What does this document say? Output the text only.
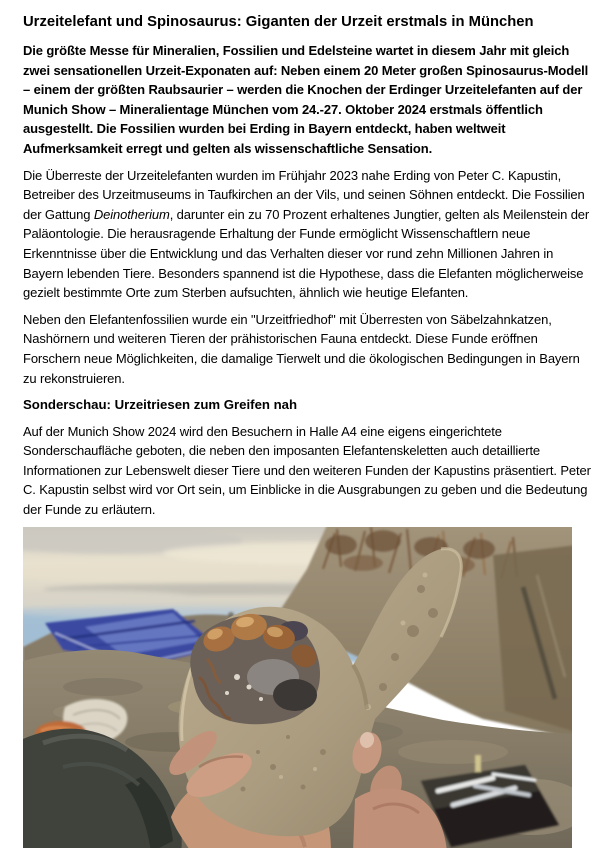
Urzeitelefant und Spinosaurus: Giganten der Urzeit erstmals in München

Die größte Messe für Mineralien, Fossilien und Edelsteine wartet in diesem Jahr mit gleich zwei sensationellen Urzeit-Exponaten auf: Neben einem 20 Meter großen Spinosaurus-Modell – einem der größten Raubsaurier – werden die Knochen der Erdinger Urzeitelefanten auf der Munich Show – Mineralientage München vom 24.-27. Oktober 2024 erstmals öffentlich ausgestellt. Die Fossilien wurden bei Erding in Bayern entdeckt, haben weltweit Aufmerksamkeit erregt und gelten als wissenschaftliche Sensation.

Die Überreste der Urzeitelefanten wurden im Frühjahr 2023 nahe Erding von Peter C. Kapustin, Betreiber des Urzeitmuseums in Taufkirchen an der Vils, und seinen Söhnen entdeckt. Die Fossilien der Gattung Deinotherium, darunter ein zu 70 Prozent erhaltenes Jungtier, gelten als Meilenstein der Paläontologie. Die herausragende Erhaltung der Funde ermöglicht Wissenschaftlern neue Erkenntnisse über die Entwicklung und das Verhalten dieser vor rund zehn Millionen Jahren in Bayern lebenden Tiere. Besonders spannend ist die Hypothese, dass die Elefanten möglicherweise gezielt bestimmte Orte zum Sterben aufsuchten, ähnlich wie heutige Elefanten.

Neben den Elefantenfossilien wurde ein "Urzeitfriedhof" mit Überresten von Säbelzahnkatzen, Nashörnern und weiteren Tieren der prähistorischen Fauna entdeckt. Diese Funde eröffnen Forschern neue Möglichkeiten, die damalige Tierwelt und die ökologischen Bedingungen in Bayern zu rekonstruieren.

Sonderschau: Urzeitriesen zum Greifen nah

Auf der Munich Show 2024 wird den Besuchern in Halle A4 eine eigens eingerichtete Sonderschaufläche geboten, die neben den imposanten Elefantenskeletten auch detaillierte Informationen zur Lebenswelt dieser Tiere und den weiteren Funden der Kapustins präsentiert. Peter C. Kapustin selbst wird vor Ort sein, um Einblicke in die Ausgrabungen zu geben und die Bedeutung der Funde zu erläutern.
